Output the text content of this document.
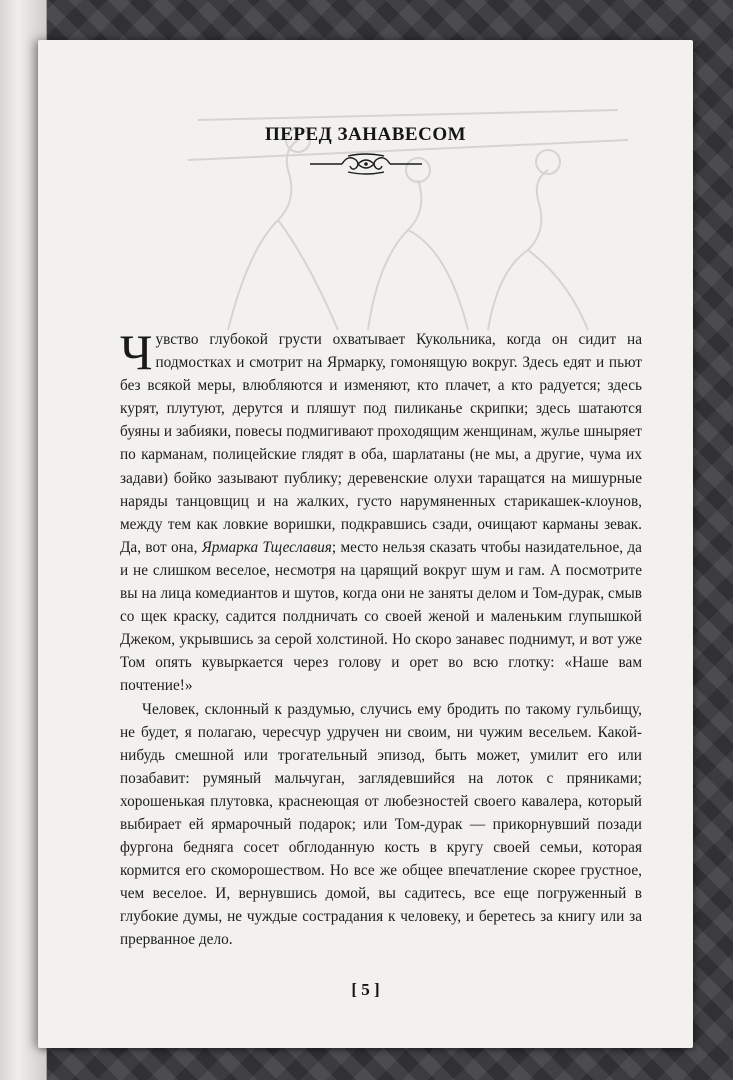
ПЕРЕД ЗАНАВЕСОМ

Чувство глубокой грусти охватывает Кукольника, когда он сидит на подмостках и смотрит на Ярмарку, гомонящую вокруг. Здесь едят и пьют без всякой меры, влюбляются и изменяют, кто плачет, а кто радуется; здесь курят, плутуют, дерутся и пляшут под пиликанье скрипки; здесь шатаются буяны и забияки, повесы подмигивают проходящим женщинам, жулье шныряет по карманам, полицейские глядят в оба, шарлатаны (не мы, а другие, чума их задави) бойко зазывают публику; деревенские олухи таращатся на мишурные наряды танцовщиц и на жалких, густо нарумяненных старикашек-клоунов, между тем как ловкие воришки, подкравшись сзади, очищают карманы зевак. Да, вот она, Ярмарка Тщеславия; место нельзя сказать чтобы назидательное, да и не слишком веселое, несмотря на царящий вокруг шум и гам. А посмотрите вы на лица комедиантов и шутов, когда они не заняты делом и Том-дурак, смыв со щек краску, садится полдничать со своей женой и маленьким глупышкой Джеком, укрывшись за серой холстиной. Но скоро занавес поднимут, и вот уже Том опять кувыркается через голову и орет во всю глотку: «Наше вам почтение!»

Человек, склонный к раздумью, случись ему бродить по такому гульбищу, не будет, я полагаю, чересчур удручен ни своим, ни чужим весельем. Какой-нибудь смешной или трогательный эпизод, быть может, умилит его или позабавит: румяный мальчуган, заглядевшийся на лоток с пряниками; хорошенькая плутовка, краснеющая от любезностей своего кавалера, который выбирает ей ярмарочный подарок; или Том-дурак — прикорнувший позади фургона бедняга сосет обглоданную кость в кругу своей семьи, которая кормится его скоморошеством. Но все же общее впечатление скорее грустное, чем веселое. И, вернувшись домой, вы садитесь, все еще погруженный в глубокие думы, не чуждые сострадания к человеку, и беретесь за книгу или за прерванное дело.

[ 5 ]
